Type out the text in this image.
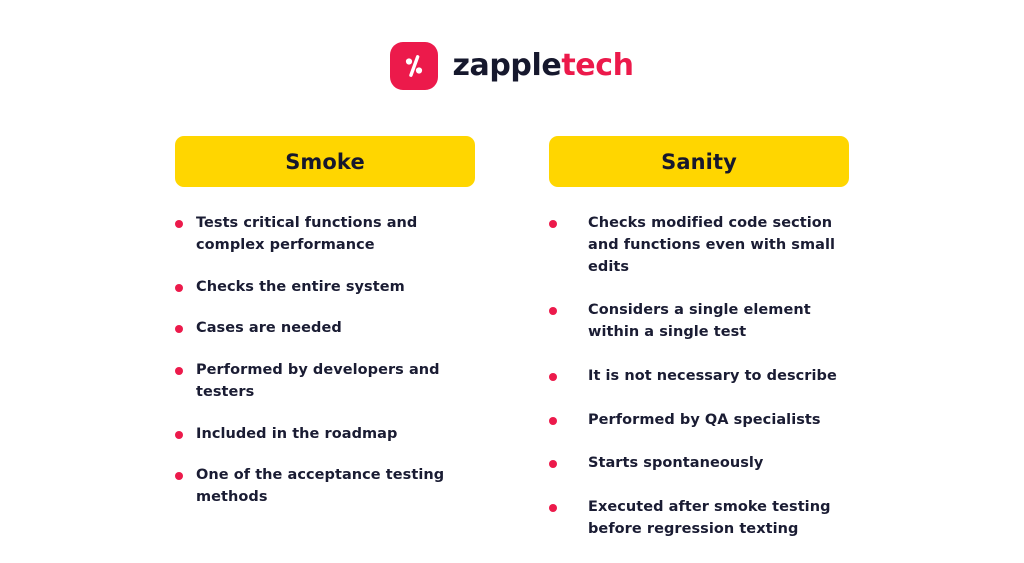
zappletech
Smoke
Tests critical functions and complex performance
Checks the entire system
Cases are needed
Performed by developers and testers
Included in the roadmap
One of the acceptance testing methods
Sanity
Checks modified code section and functions even with small edits
Considers a single element within a single test
It is not necessary to describe
Performed by QA specialists
Starts spontaneously
Executed after smoke testing before regression texting
